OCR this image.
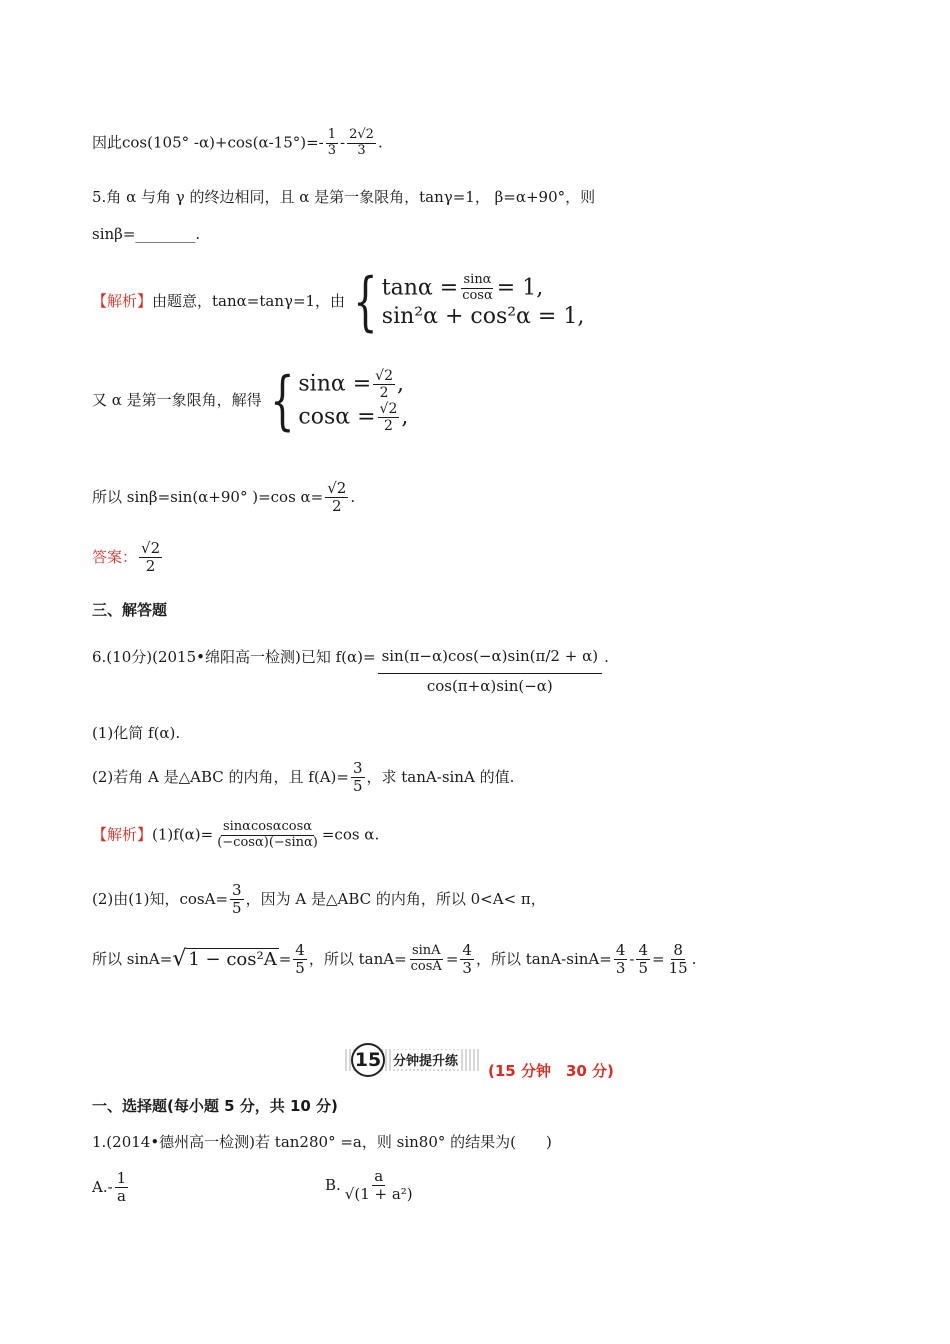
因此cos(105° $-\alpha)+\cos(\alpha-15^\circ)=- \frac{1}{3} - \frac{2√2}{3}$ .
5.角 α 与角 γ 的终边相同，且 α 是第一象限角，tanγ=1， β=α+90°，则
sinβ=________.
【解析】由题意，tanα=tanγ=1，由 { $\tan\alpha = \frac{\sin\alpha}{\cos\alpha} = 1$,
sin²α + cos²α = 1,
又 α 是第一象限角，解得 { $\sin\alpha = \frac{√2}{2}$ ,
$\cos\alpha = \frac{√2}{2}$ ,
所以 sinβ=sin(α+90° )=cos $\alpha= \frac{√2}{2}$ .
答案： $\frac{√2}{2}$
三、解答题
6.(10分)(2015•绵阳高一检测)已知 $f(\alpha)= \frac{\sin(\pi-\alpha)\cos(-\alpha)\sin(\pi/2 + \alpha)}{\cos(\pi+\alpha)\sin(-\alpha)}$ .
(1)化简 f(α).
(2)若角 A 是△ABC 的内角，且 $f(A)= \frac{3}{5}$ ，求 tanA-sinA 的值.
【解析】$(1)f(\alpha)= \frac{\sin\alpha\cos\alpha\cos\alpha}{(-\cos\alpha)(-\sin\alpha)} =\cos$ α.
(2)由(1)知，$\cos A= \frac{3}{5}$ ，因为 A 是△ABC 的内角，所以 0<A< π，
所以 sinA=√ $1 - \cos^2A = \frac{4}{5}$ ，所以 $\tan A= \frac{\sin A}{\cos A} = \frac{4}{3}$ ，所以 $\tan A-\sin A= \frac{4}{3} - \frac{4}{5} = \frac{8}{15}$ .
15 分钟提升练
(15 分钟　30 分)
一、选择题(每小题 5 分，共 10 分)
1.(2014•德州高一检测)若 tan280° =a，则 sin80° 的结果为(　　)
$A.- \frac{1}{a}$	B. $\frac{a}{\text{√(1 + a²)}}$
